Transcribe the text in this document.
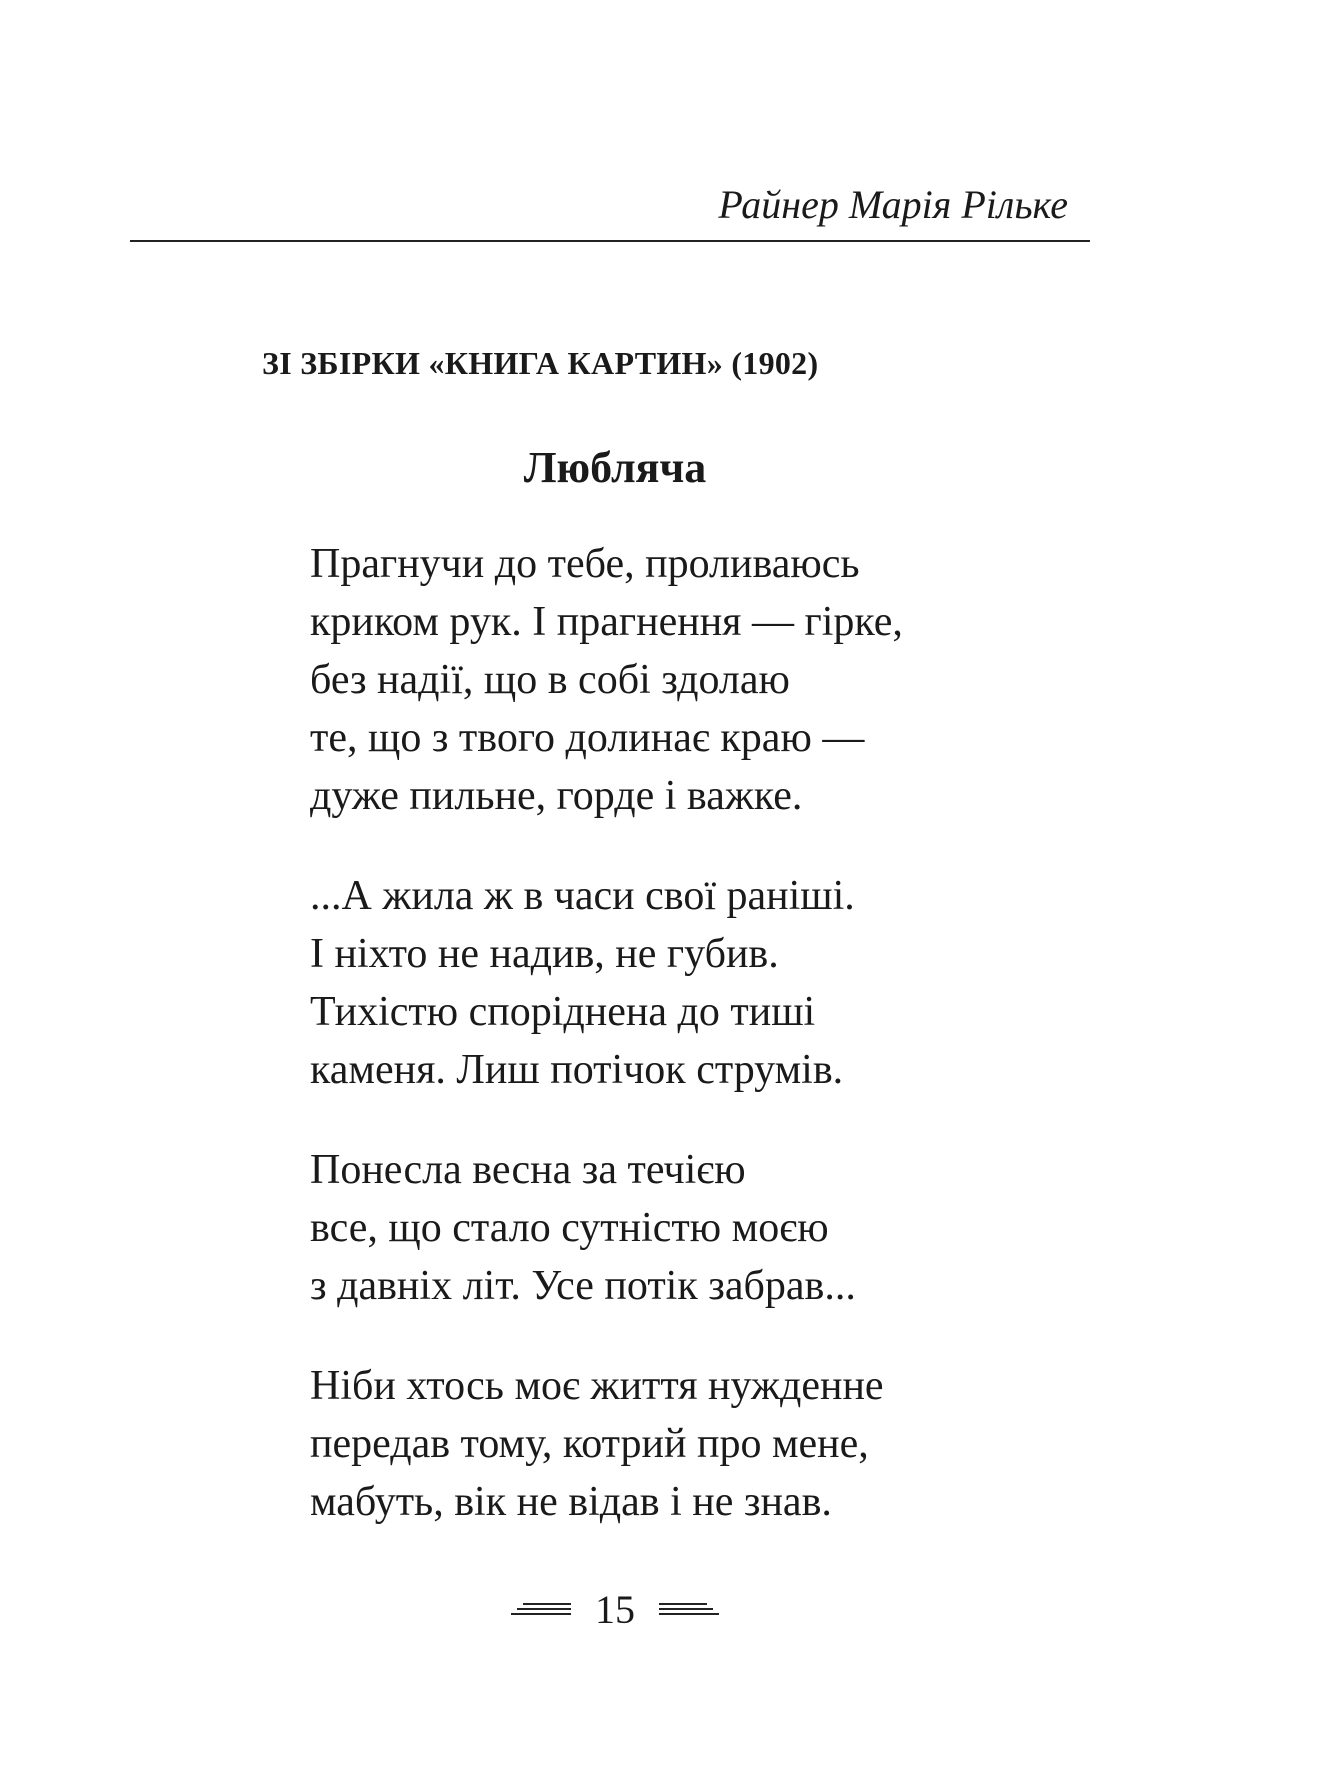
Райнер Марія Рільке
ЗІ ЗБІРКИ «КНИГА КАРТИН» (1902)
Любляча
Прагнучи до тебе, проливаюсь
криком рук. І прагнення — гірке,
без надії, що в собі здолаю
те, що з твого долинає краю —
дуже пильне, горде і важке.
...А жила ж в часи свої раніші.
І ніхто не надив, не губив.
Тихістю споріднена до тиші
каменя. Лиш потічок струмів.
Понесла весна за течією
все, що стало сутністю моєю
з давніх літ. Усе потік забрав...
Ніби хтось моє життя нужденне
передав тому, котрий про мене,
мабуть, вік не відав і не знав.
15
